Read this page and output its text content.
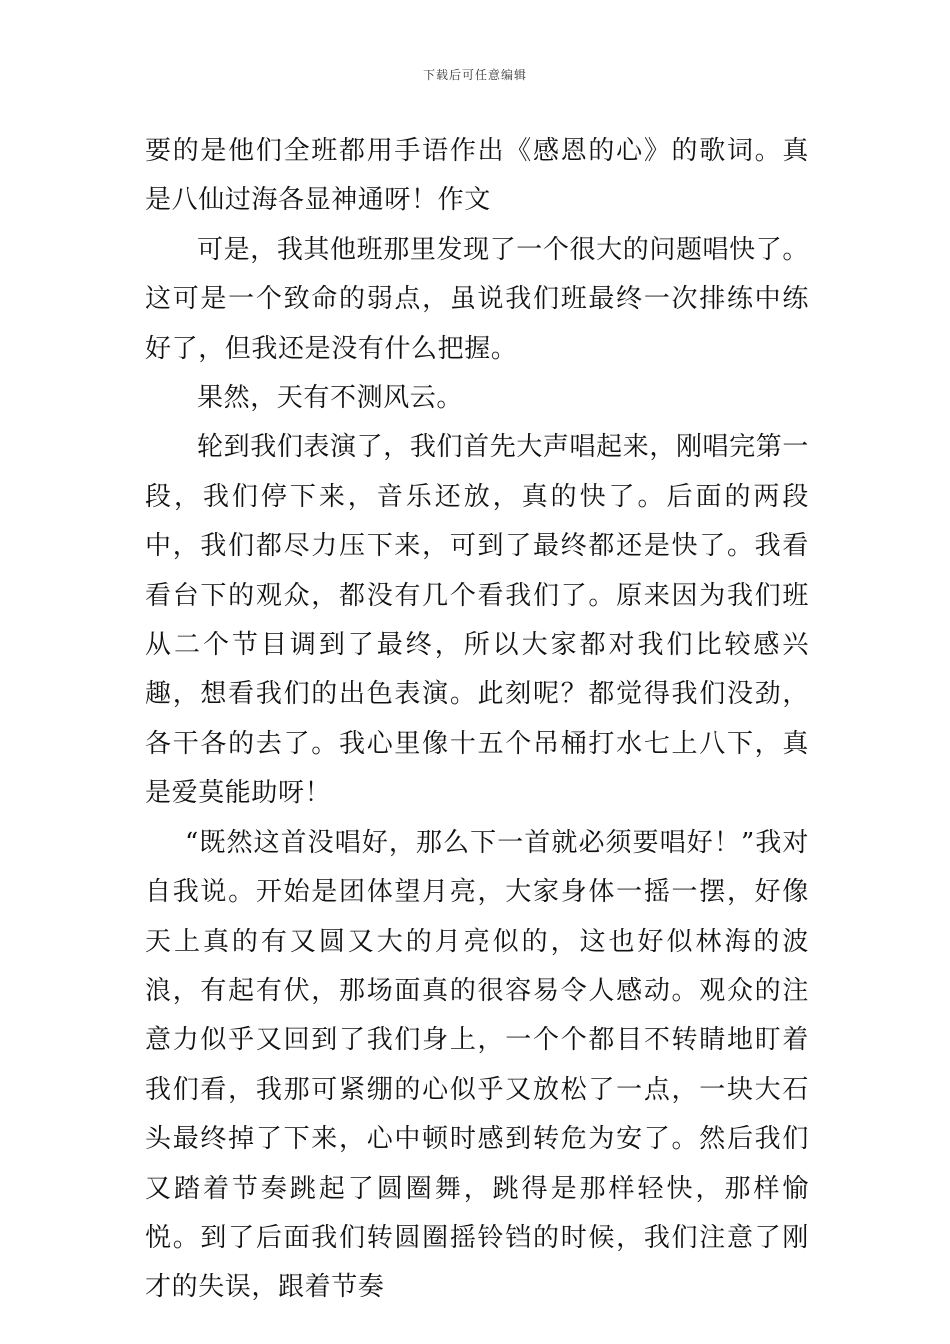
下载后可任意编辑

要的是他们全班都用手语作出《感恩的心》的歌词。真是八仙过海各显神通呀！作文

可是，我其他班那里发现了一个很大的问题唱快了。这可是一个致命的弱点，虽说我们班最终一次排练中练好了，但我还是没有什么把握。

果然，天有不测风云。

轮到我们表演了，我们首先大声唱起来，刚唱完第一段，我们停下来，音乐还放，真的快了。后面的两段中，我们都尽力压下来，可到了最终都还是快了。我看看台下的观众，都没有几个看我们了。原来因为我们班从二个节目调到了最终，所以大家都对我们比较感兴趣，想看我们的出色表演。此刻呢？都觉得我们没劲，各干各的去了。我心里像十五个吊桶打水七上八下，真是爱莫能助呀！

“既然这首没唱好，那么下一首就必须要唱好！”我对自我说。开始是团体望月亮，大家身体一摇一摆，好像天上真的有又圆又大的月亮似的，这也好似林海的波浪，有起有伏，那场面真的很容易令人感动。观众的注意力似乎又回到了我们身上，一个个都目不转睛地盯着我们看，我那可紧绷的心似乎又放松了一点，一块大石头最终掉了下来，心中顿时感到转危为安了。然后我们又踏着节奏跳起了圆圈舞，跳得是那样轻快，那样愉悦。到了后面我们转圆圈摇铃铛的时候，我们注意了刚才的失误，跟着节奏
